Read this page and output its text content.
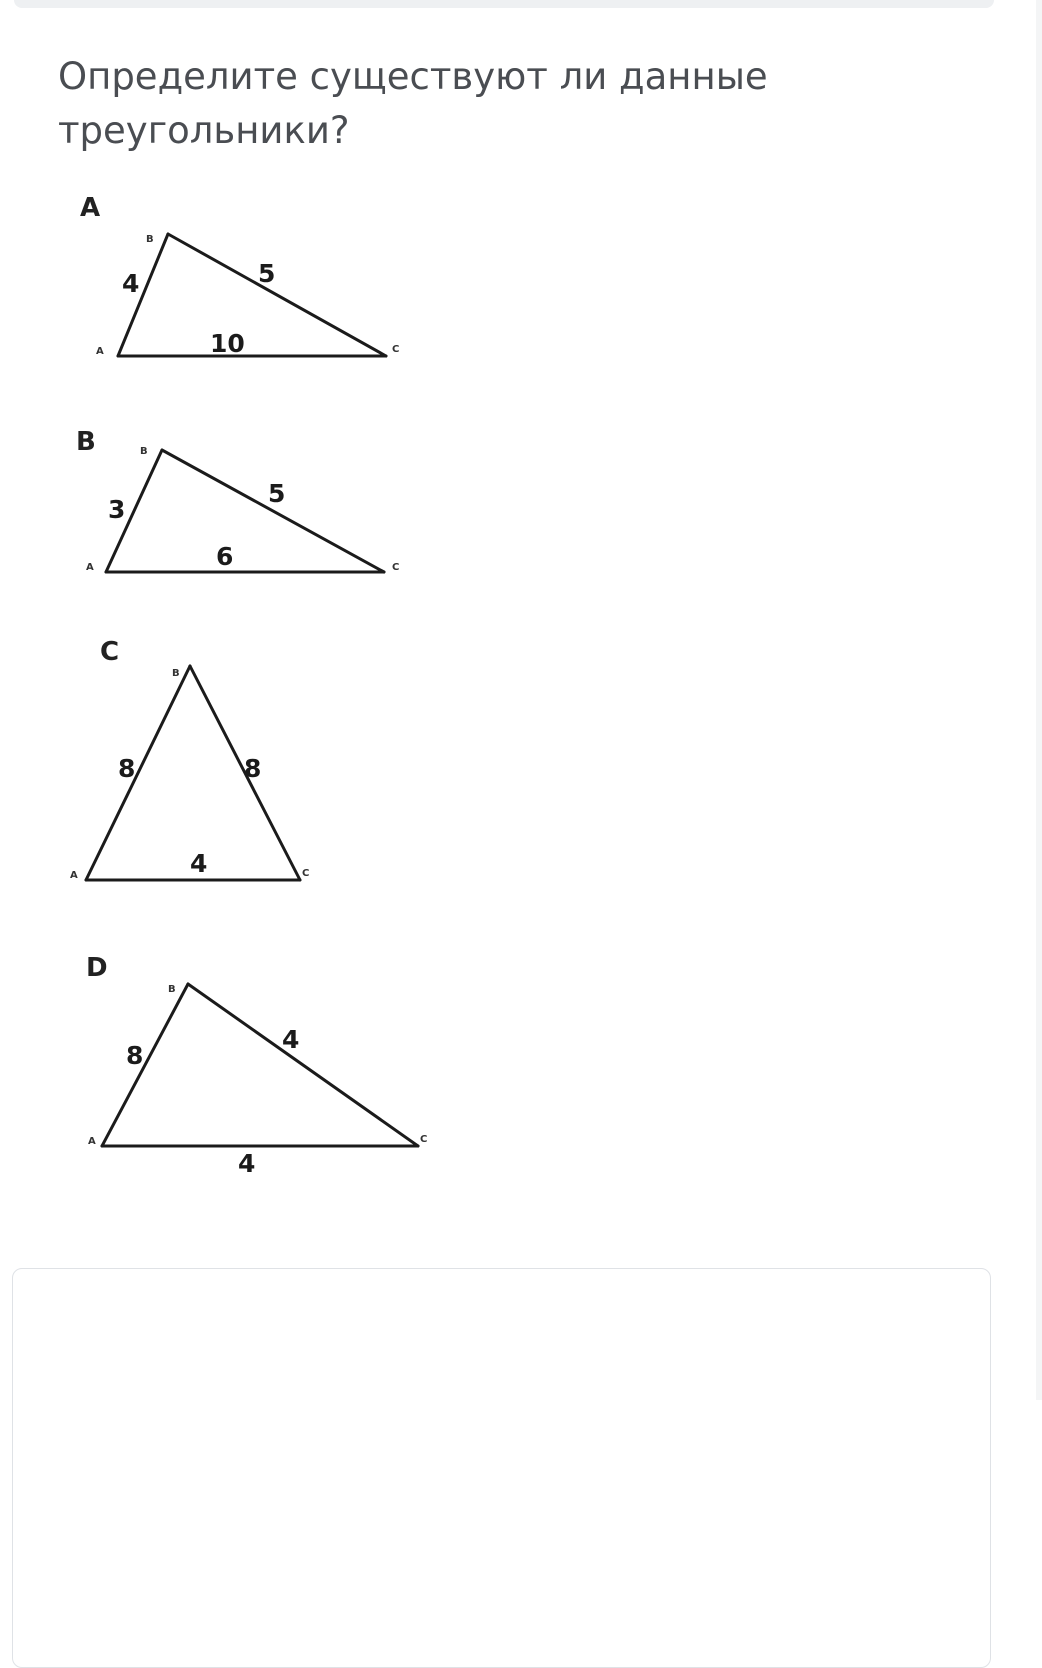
Определите существуют ли данные треугольники?
A
A
B
C
4	5
10
B
A
B
C
3
5
6
C
A
B
C
8	8
4
D
A
B
C
8
4
4
